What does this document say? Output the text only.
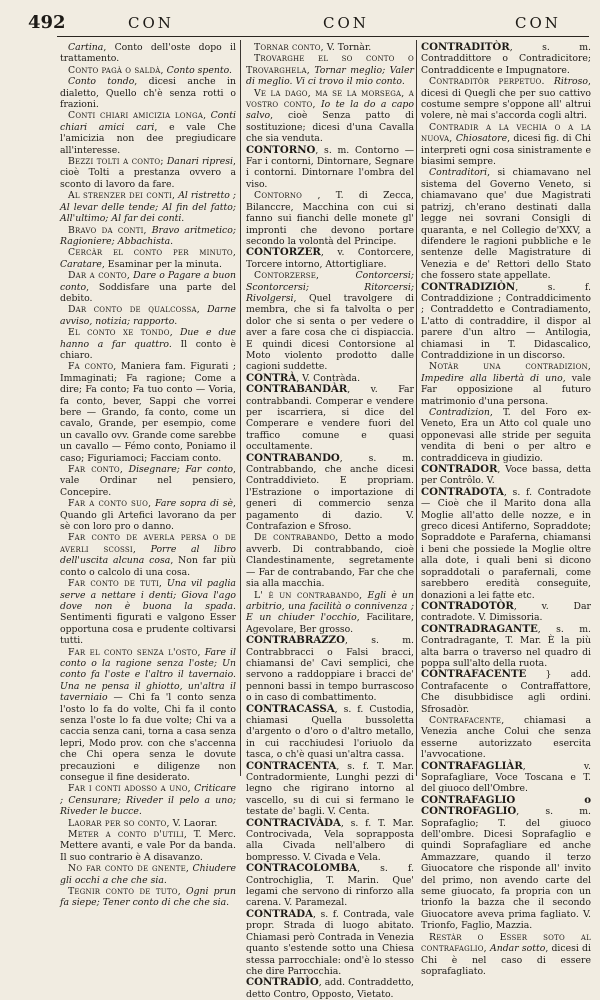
492	CON	CON	CON

Cartina, Conto dell'oste dopo il trattamento.

Conto pagà o saldà, Conto spento.

Conto tondo, dicesi anche in dialetto, Quello ch'è senza rotti o frazioni.

Conti chiari amicizia longa, Conti chiari amici cari, e vale Che l'amicizia non dee pregiudicare all'interesse.

Bezzi tolti a conto; Danari ripresi, cioè Tolti a prestanza ovvero a sconto di lavoro da fare.

Al strenzer dei conti, Al ristretto ; Al levar delle tende; Al fin del fatto; All'ultimo; Al far dei conti.

Bravo da conti, Bravo aritmetico; Ragioniere; Abbachista.

Cercàr el conto per minuto, Caratare, Esaminar per la minuta.

Dar a conto, Dare o Pagare a buon conto, Soddisfare una parte del debito.

Dar conto de qualcossa, Darne avviso, notizia; rapporto.

El conto xe tondo, Due e due hanno a far quattro. Il conto è chiaro.

Fa conto, Maniera fam. Figurati ; Immaginati; Fa ragione; Come a dire; Fa conto; Fa tuo conto — Voria, fa conto, bever, Sappi che vorrei bere — Grando, fa conto, come un cavalo, Grande, per esempio, come un cavallo ovv. Grande come sarebbe un cavallo — Fémo conto, Poniamo il caso; Figuriamoci; Facciam conto.

Far conto, Disegnare; Far conto, vale Ordinar nel pensiero, Concepire.

Far a conto suo, Fare sopra di sè, Quando gli Artefici lavorano da per sè con loro pro o danno.

Far conto de averla persa o de averli scossi, Porre al libro dell'uscita alcuna cosa, Non far più conto o calcolo di una cosa.

Far conto de tuti, Una vil paglia serve a nettare i denti; Giova l'ago dove non è buona la spada. Sentimenti figurati e valgono Esser opportuna cosa e prudente coltivarsi tutti.

Far el conto senza l'osto, Fare il conto o la ragione senza l'oste; Un conto fa l'oste e l'altro il tavernaio. Una ne pensa il ghiotto, un'altra il taverniaio — Chi fa 'l conto senza l'osto lo fa do volte, Chi fa il conto senza l'oste lo fa due volte; Chi va a caccia senza cani, torna a casa senza lepri, Modo prov. con che s'accenna che Chi opera senza le dovute precauzioni e diligenze non consegue il fine desiderato.

Far i conti adosso a uno, Criticare ; Censurare; Riveder il pelo a uno; Riveder le bucce.

Laorar per so conto, V. Laorar.

Meter a conto d'utili, T. Merc. Mettere avanti, e vale Por da banda. Il suo contrario è A disavanzo.

No far conto de gnente, Chiudere gli occhi a che che sia.

Tegnir conto de tuto, Ogni prun fa siepe; Tener conto di che che sia.

Tornar conto, V. Tornàr.

Trovarghe el so conto o Trovarghela, Tornar meglio; Valer di meglio. Vi ci trovo il mio conto.

Ve la dago, ma se la morsega, a vostro conto, Io te la do a capo salvo, cioè Senza patto di sostituzione; dicesi d'una Cavalla che sia venduta.

CONTORNO, s. m. Contorno — Far i contorni, Dintornare, Segnare i contorni. Dintornare l'ombra del viso.

Contorno , T. di Zecca, Bilanccre, Macchina con cui si fanno sui fianchi delle monete gl' impronti che devono portare secondo la volontà del Principe.

CONTORZER, v. Contorcere, Torcere intorno, Attortigliare.

Contorzerse,	Contorcersi; Scontorcersi; Ritorcersi; Rivolgersi, Quel travolgere di membra, che si fa talvolta o per dolor che si senta o per vedere o aver a fare cosa che ci dispiaccia. E quindi dicesi Contorsione al Moto violento prodotto dalle cagioni suddette.

CONTRÀ, V. Contràda.

CONTRABANDÀR, v. Far contrabbandi. Comperar e vendere per iscarriera, si dice del Comperare e vendere fuori del traffico comune e quasi occultamente.

CONTRABANDO, s. m. Contrabbando, che anche dicesi Contraddivieto. E propriam. l'Estrazione o importazione di generi di commercio senza pagamento di dazio. V. Contrafazion e Sfroso.

De contrabando, Detto a modo avverb. Di contrabbando, cioè Clandestinamente, segretamente — Far de contrabando, Far che che sia alla macchia.

L' è un contrabando, Egli è un arbitrio, una facilità o connivenza ; E un chiuder l'occhio, Facilitare, Agevolare, Ber grosso.

CONTRABRAZZO, s. m. Contrabbracci o Falsi bracci, chiamansi de' Cavi semplici, che servono a raddoppiare i bracci de' pennoni bassi in tempo burrascoso o in caso di combattimento.

CONTRACASSA, s. f. Custodia, chiamasi Quella bussoletta d'argento o d'oro o d'altro metallo, in cui racchiudesi l'oriuolo da tasca, o ch'è quasi un'altra cassa.

CONTRACENTA, s. f. T. Mar. Contradormiente, Lunghi pezzi di legno che rigirano intorno al vascello, su di cui si fermano le testate de' bagli. V. Centa.

CONTRACIVÀDA, s. f. T. Mar. Controcivada, Vela soprapposta alla Civada nell'albero di bompresso. V. Civada e Vela.

CONTRACOLOMBA, s. f. Controchiglia, T. Marin. Que' legami che servono di rinforzo alla carena. V. Paramezal.

CONTRADA, s. f. Contrada, vale propr. Strada di luogo abitato. Chiamasi però Contrada in Venezia quanto s'estende sotto una Chiesa stessa parrocchiale: ond'è lo stesso che dire Parrocchia.

CONTRADÌO, add. Contraddetto, detto Contro, Opposto, Vietato.

CONTRADITÒR, s. m. Contraddittore o Contradicitore; Contraddicente e Impugnatore.

Contraditòr perpetuo. Ritroso, dicesi di Quegli che per suo cattivo costume sempre s'oppone all' altrui volere, nè mai s'accorda cogli altri.

Contradir a la vechia o a la nuova, Chiosatore, dicesi fig. di Chi interpreti ogni cosa sinistramente e biasimi sempre.

Contraditori, si chiamavano nel sistema del Governo Veneto, si chiamavano que' due Magistrati patrizj, ch'erano destinati dalla legge nei sovrani Consigli di quaranta, e nel Collegio de'XXV, a difendere le ragioni pubbliche e le sentenze delle Magistrature di Venezia e de' Rettori dello Stato che fossero state appellate.

CONTRADIZIÒN, s. f. Contraddizione ; Contraddicimento ; Contraddetto e Contradiamento, L'atto di contraddire, il dispor al parere d'un altro — Antilogia, chiamasi in T. Didascalico, Contraddizione in un discorso.

Notàr una contradizion, Impedire alla libertà di uno, vale Far opposizione al futuro matrimonio d'una persona.

Contradizion, T. del Foro ex-Veneto, Era un Atto col quale uno opponevasi alle stride per seguita vendita di beni o per altro e contraddiceva in giudizio.

CONTRADOR, Voce bassa, detta per Contrôlo. V.

CONTRADOTA, s. f. Contradote — Cioè che il Marito dona alla Moglie all'atto delle nozze, e in greco dicesi Antiferno, Sopraddote; Sopraddote e Paraferna, chiamansi i beni che possiede la Moglie oltre alla dote, i quali beni si dicono sopraddotali o parafernali, come sarebbero eredità conseguite, donazioni a lei fatte etc.

CONTRADOTÒR, v. Dar contradote. V. Dimissoria.

CONTRADRAGANTE, s. m. Contradragante, T. Mar. È la più alta barra o traverso nel quadro di poppa sull'alto della ruota.

CONTRAFACENTE } add. Contrafacente o Contraffattore, Che disubbidisce agli ordini. Sfrosadòr.

Contrafacente, chiamasi a Venezia anche Colui che senza esserne autorizzato esercita l'avvocatione.

CONTRAFAGLIÀR, v. Soprafagliare, Voce Toscana e T. del giuoco dell'Ombre.

CONTRAFAGLIO o CONTROFAGLIO, s. m. Soprafaglio; T. del giuoco dell'ombre. Dicesi Soprafaglio e quindi Soprafagliare ed anche Ammazzare, quando il terzo Giuocatore che risponde all' invito del primo, non avendo carte del seme giuocato, fa propria con un trionfo la bazza che il secondo Giuocatore aveva prima fagliato. V. Trionfo, Faglio, Mazzia.

Restàr o Esser soto al contrafaglio, Andar sotto, dicesi di Chi è nel caso di essere soprafagliato.
